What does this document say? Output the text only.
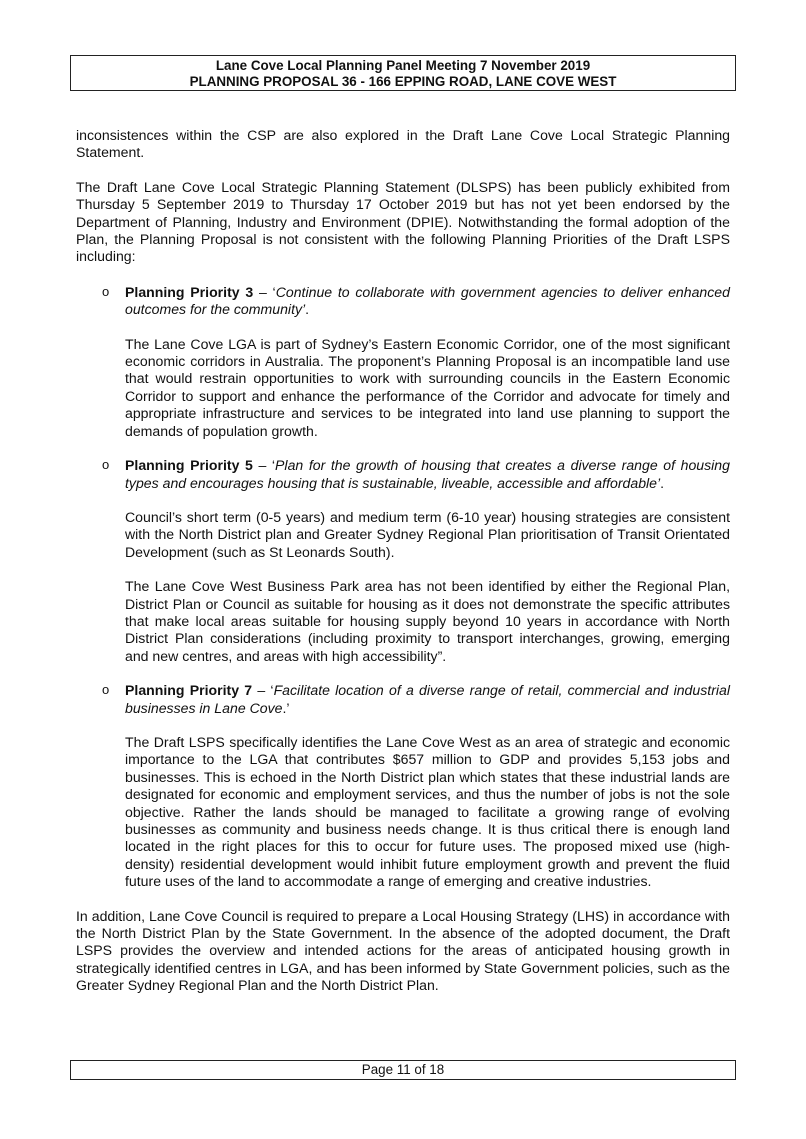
Lane Cove Local Planning Panel Meeting 7 November 2019
PLANNING PROPOSAL 36 - 166 EPPING ROAD, LANE COVE WEST

inconsistences within the CSP are also explored in the Draft Lane Cove Local Strategic Planning Statement.

The Draft Lane Cove Local Strategic Planning Statement (DLSPS) has been publicly exhibited from Thursday 5 September 2019 to Thursday 17 October 2019 but has not yet been endorsed by the Department of Planning, Industry and Environment (DPIE). Notwithstanding the formal adoption of the Plan, the Planning Proposal is not consistent with the following Planning Priorities of the Draft LSPS including:

o Planning Priority 3 – ‘Continue to collaborate with government agencies to deliver enhanced outcomes for the community’.

The Lane Cove LGA is part of Sydney’s Eastern Economic Corridor, one of the most significant economic corridors in Australia. The proponent’s Planning Proposal is an incompatible land use that would restrain opportunities to work with surrounding councils in the Eastern Economic Corridor to support and enhance the performance of the Corridor and advocate for timely and appropriate infrastructure and services to be integrated into land use planning to support the demands of population growth.

o Planning Priority 5 – ‘Plan for the growth of housing that creates a diverse range of housing types and encourages housing that is sustainable, liveable, accessible and affordable’.

Council’s short term (0-5 years) and medium term (6-10 year) housing strategies are consistent with the North District plan and Greater Sydney Regional Plan prioritisation of Transit Orientated Development (such as St Leonards South).

The Lane Cove West Business Park area has not been identified by either the Regional Plan, District Plan or Council as suitable for housing as it does not demonstrate the specific attributes that make local areas suitable for housing supply beyond 10 years in accordance with North District Plan considerations (including proximity to transport interchanges, growing, emerging and new centres, and areas with high accessibility”.

o Planning Priority 7 – ‘Facilitate location of a diverse range of retail, commercial and industrial businesses in Lane Cove.’

The Draft LSPS specifically identifies the Lane Cove West as an area of strategic and economic importance to the LGA that contributes $657 million to GDP and provides 5,153 jobs and businesses. This is echoed in the North District plan which states that these industrial lands are designated for economic and employment services, and thus the number of jobs is not the sole objective. Rather the lands should be managed to facilitate a growing range of evolving businesses as community and business needs change. It is thus critical there is enough land located in the right places for this to occur for future uses. The proposed mixed use (high-density) residential development would inhibit future employment growth and prevent the fluid future uses of the land to accommodate a range of emerging and creative industries.

In addition, Lane Cove Council is required to prepare a Local Housing Strategy (LHS) in accordance with the North District Plan by the State Government. In the absence of the adopted document, the Draft LSPS provides the overview and intended actions for the areas of anticipated housing growth in strategically identified centres in LGA, and has been informed by State Government policies, such as the Greater Sydney Regional Plan and the North District Plan.

Page 11 of 18
